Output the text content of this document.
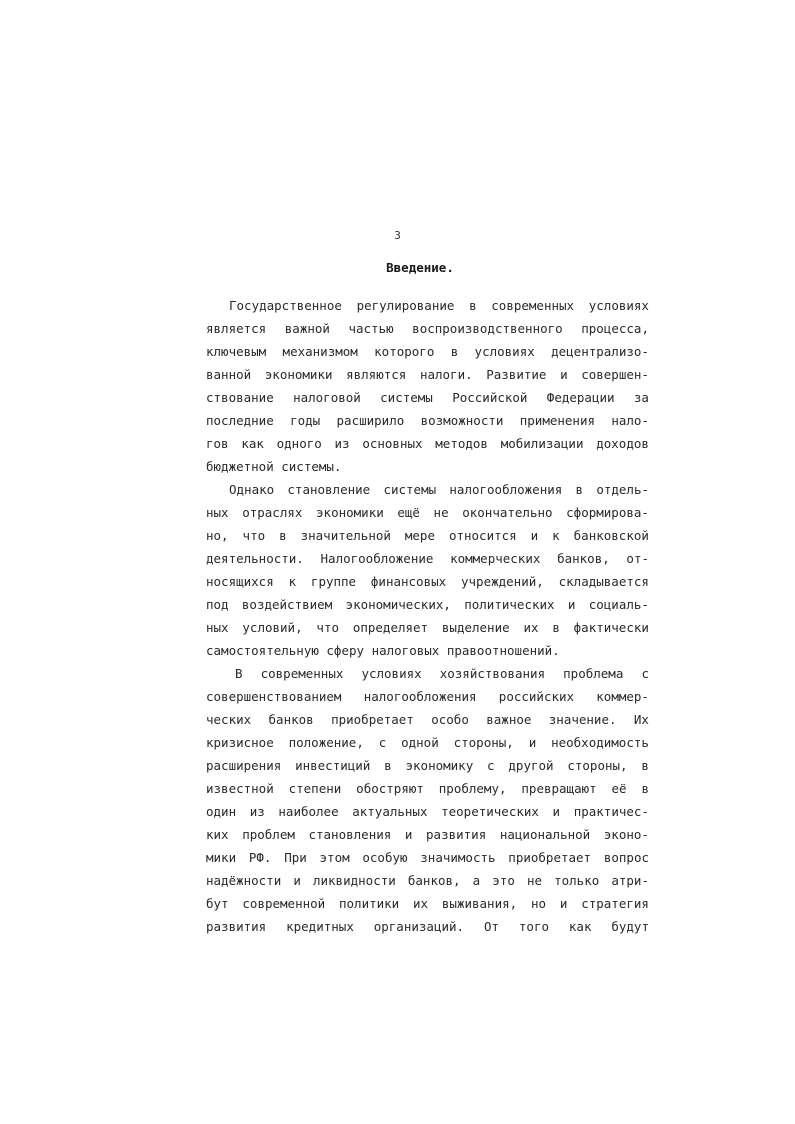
3
Введение.
Государственное регулирование в современных условиях
является важной частью воспроизводственного процесса,
ключевым механизмом которого в условиях децентрализо-
ванной экономики являются налоги. Развитие и совершен-
ствование налоговой системы Российской Федерации за
последние годы расширило возможности применения нало-
гов как одного из основных методов мобилизации доходов
бюджетной системы.
Однако становление системы налогообложения в отдель-
ных отраслях экономики ещё не окончательно сформирова-
но, что в значительной мере относится и к банковской
деятельности. Налогообложение коммерческих банков, от-
носящихся к группе финансовых учреждений, складывается
под воздействием экономических, политических и социаль-
ных условий, что определяет выделение их в фактически
самостоятельную сферу налоговых правоотношений.
В современных условиях хозяйствования проблема с
совершенствованием налогообложения российских коммер-
ческих банков приобретает особо важное значение. Их
кризисное положение, с одной стороны, и необходимость
расширения инвестиций в экономику с другой стороны, в
известной степени обостряют проблему, превращают её в
один из наиболее актуальных теоретических и практичес-
ких проблем становления и развития национальной эконо-
мики РФ. При этом особую значимость приобретает вопрос
надёжности и ликвидности банков, а это не только атри-
бут современной политики их выживания, но и стратегия
развития кредитных организаций. От того как будут
